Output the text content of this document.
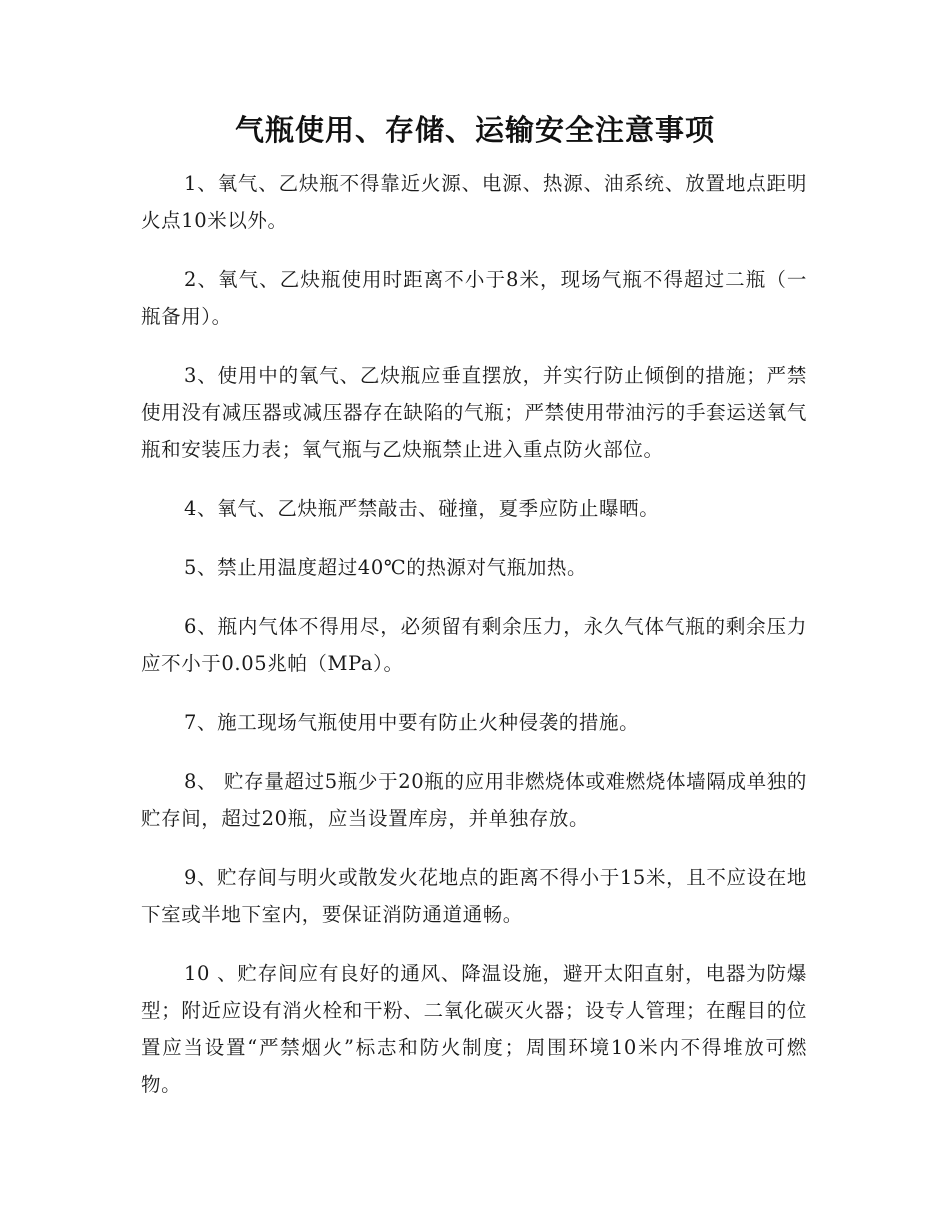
气瓶使用、存储、运输安全注意事项

1、氧气、乙炔瓶不得靠近火源、电源、热源、油系统、放置地点距明火点10米以外。

2、氧气、乙炔瓶使用时距离不小于8米，现场气瓶不得超过二瓶（一瓶备用）。

3、使用中的氧气、乙炔瓶应垂直摆放，并实行防止倾倒的措施；严禁使用没有减压器或减压器存在缺陷的气瓶；严禁使用带油污的手套运送氧气瓶和安装压力表；氧气瓶与乙炔瓶禁止进入重点防火部位。

4、氧气、乙炔瓶严禁敲击、碰撞，夏季应防止曝晒。

5、禁止用温度超过40℃的热源对气瓶加热。

6、瓶内气体不得用尽，必须留有剩余压力，永久气体气瓶的剩余压力应不小于0.05兆帕（MPa）。

7、施工现场气瓶使用中要有防止火种侵袭的措施。

8、 贮存量超过5瓶少于20瓶的应用非燃烧体或难燃烧体墙隔成单独的贮存间，超过20瓶，应当设置库房，并单独存放。

9、贮存间与明火或散发火花地点的距离不得小于15米，且不应设在地下室或半地下室内，要保证消防通道通畅。

10 、贮存间应有良好的通风、降温设施，避开太阳直射，电器为防爆型；附近应设有消火栓和干粉、二氧化碳灭火器；设专人管理；在醒目的位置应当设置“严禁烟火”标志和防火制度；周围环境10米内不得堆放可燃物。
